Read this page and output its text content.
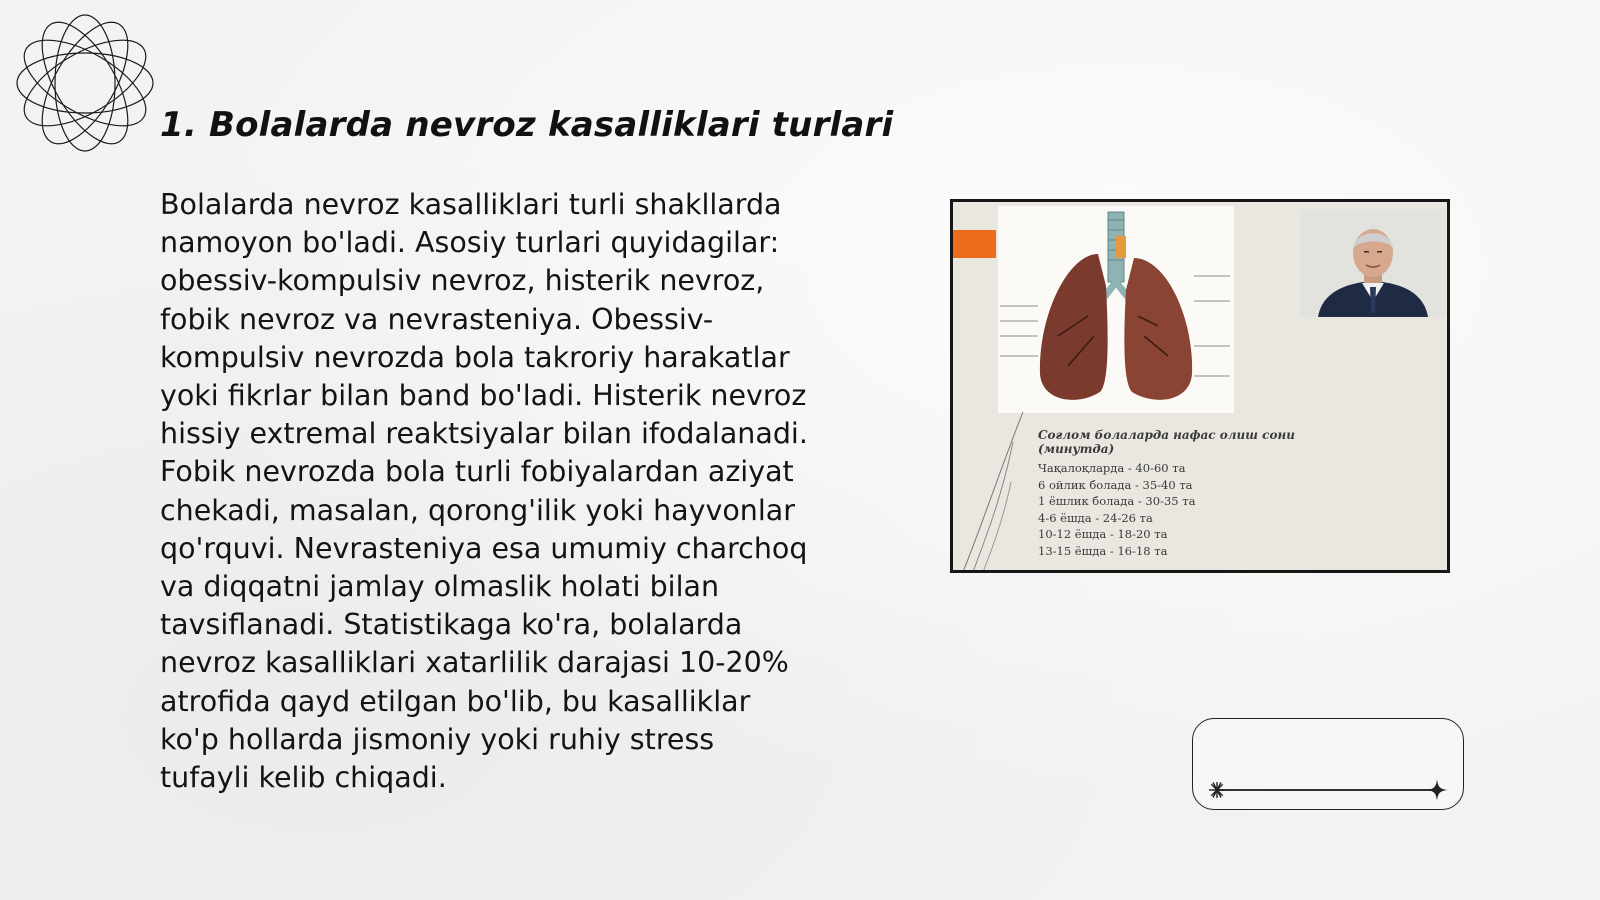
1. Bolalarda nevroz kasalliklari turlari
Bolalarda nevroz kasalliklari turli shakllarda
namoyon bo'ladi. Asosiy turlari quyidagilar:
obessiv-kompulsiv nevroz, histerik nevroz,
fobik nevroz va nevrasteniya. Obessiv-
kompulsiv nevrozda bola takroriy harakatlar
yoki fikrlar bilan band bo'ladi. Histerik nevroz
hissiy extremal reaktsiyalar bilan ifodalanadi.
Fobik nevrozda bola turli fobiyalardan aziyat
chekadi, masalan, qorong'ilik yoki hayvonlar
qo'rquvi. Nevrasteniya esa umumiy charchoq
va diqqatni jamlay olmaslik holati bilan
tavsiflanadi. Statistikaga ko'ra, bolalarda
nevroz kasalliklari xatarlilik darajasi 10-20%
atrofida qayd etilgan bo'lib, bu kasalliklar
ko'p hollarda jismoniy yoki ruhiy stress
tufayli kelib chiqadi.
Соғлом болаларда нафас олиш сони (минутда)
Чақалоқларда - 40-60 та
6 ойлик болада - 35-40 та
1 ёшлик болада - 30-35 та
4-6 ёшда - 24-26 та
10-12 ёшда - 18-20 та
13-15 ёшда - 16-18 та
